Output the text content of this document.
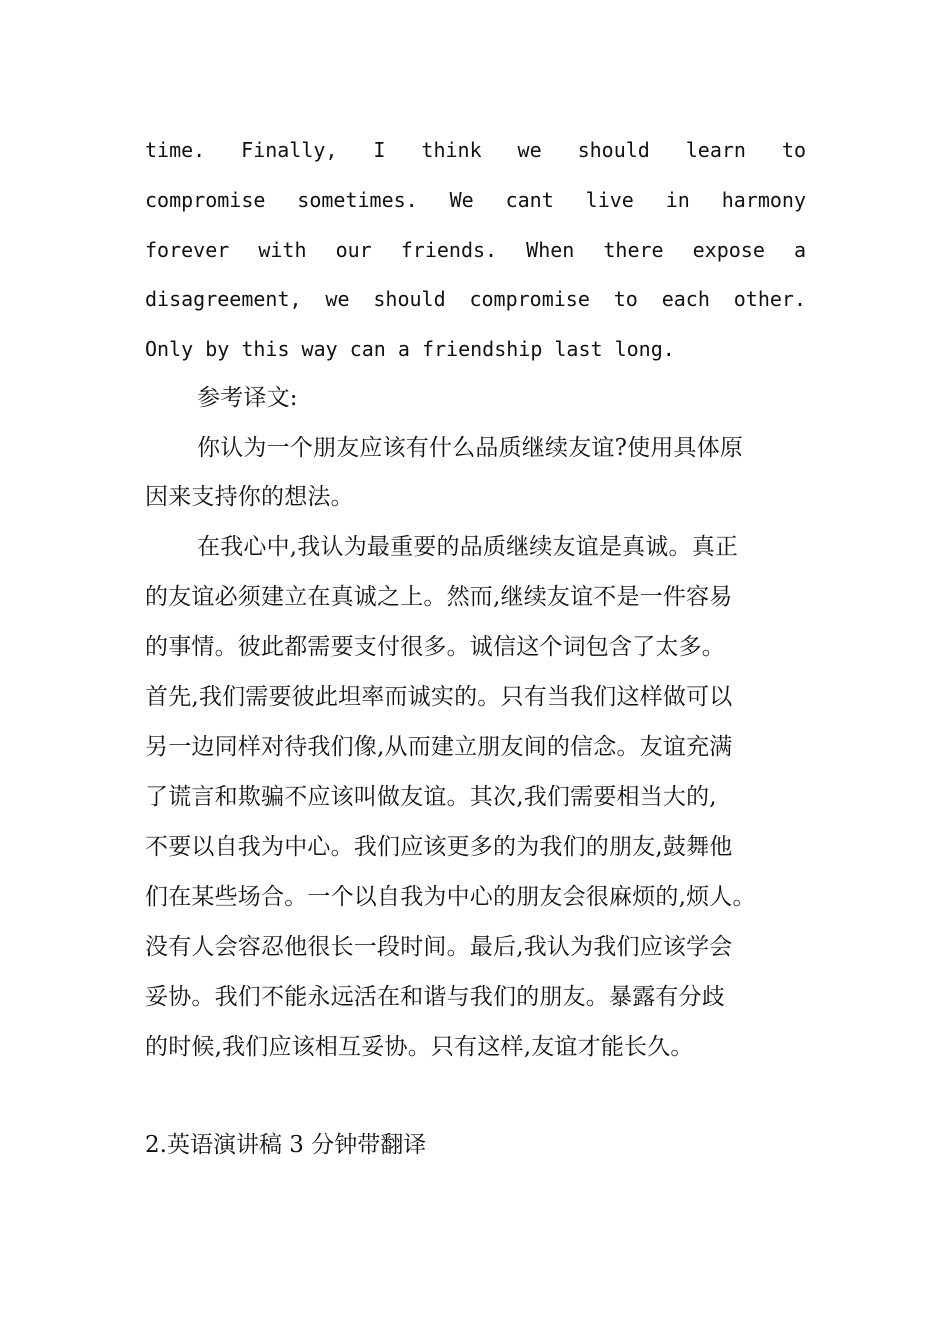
time. Finally, I think we should learn to
compromise sometimes. We cant live in harmony
forever with our friends. When there expose a
disagreement, we should compromise to each other.
Only by this way can a friendship last long.
参考译文:
你认为一个朋友应该有什么品质继续友谊?使用具体原
因来支持你的想法。
在我心中,我认为最重要的品质继续友谊是真诚。真正
的友谊必须建立在真诚之上。然而,继续友谊不是一件容易
的事情。彼此都需要支付很多。诚信这个词包含了太多。
首先,我们需要彼此坦率而诚实的。只有当我们这样做可以
另一边同样对待我们像,从而建立朋友间的信念。友谊充满
了谎言和欺骗不应该叫做友谊。其次,我们需要相当大的,
不要以自我为中心。我们应该更多的为我们的朋友,鼓舞他
们在某些场合。一个以自我为中心的朋友会很麻烦的,烦人。
没有人会容忍他很长一段时间。最后,我认为我们应该学会
妥协。我们不能永远活在和谐与我们的朋友。暴露有分歧
的时候,我们应该相互妥协。只有这样,友谊才能长久。
2.英语演讲稿 3 分钟带翻译
